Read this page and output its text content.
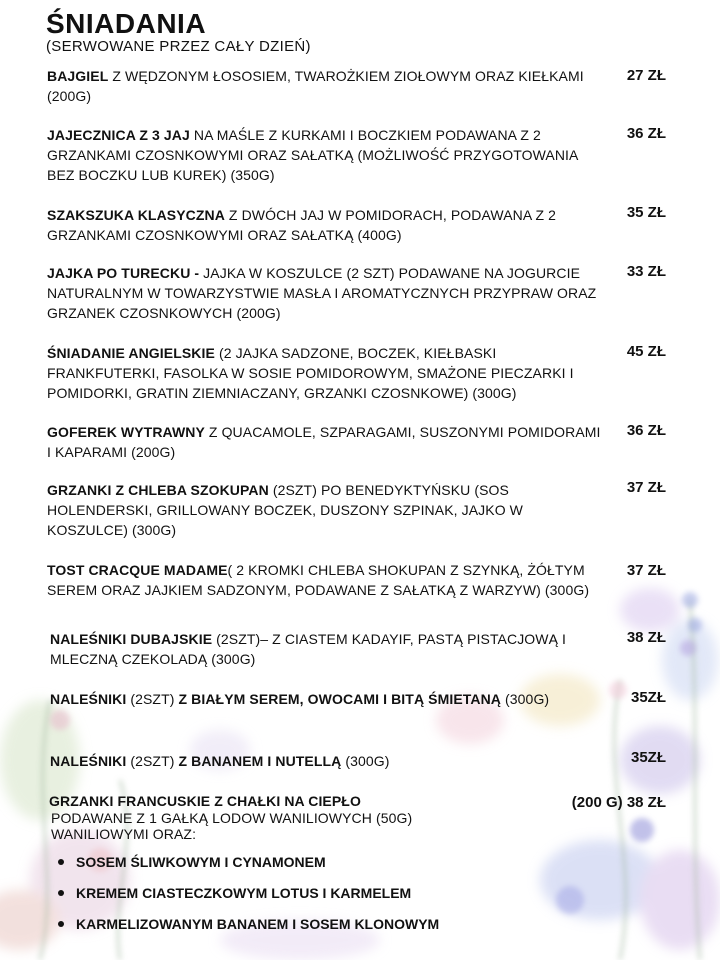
ŚNIADANIA
(SERWOWANE PRZEZ CAŁY DZIEŃ)
BAJGIEL Z WĘDZONYM ŁOSOSIEM, TWAROŻKIEM ZIOŁOWYM ORAZ KIEŁKAMI (200G)
27 ZŁ
JAJECZNICA Z 3 JAJ NA MAŚLE Z KURKAMI I BOCZKIEM PODAWANA Z 2 GRZANKAMI CZOSNKOWYMI ORAZ SAŁATKĄ (MOŻLIWOŚĆ PRZYGOTOWANIA BEZ BOCZKU LUB KUREK) (350G)
36 ZŁ
SZAKSZUKA KLASYCZNA Z DWÓCH JAJ W POMIDORACH, PODAWANA Z 2 GRZANKAMI CZOSNKOWYMI ORAZ SAŁATKĄ (400G)
35 ZŁ
JAJKA PO TURECKU - JAJKA W KOSZULCE (2 SZT) PODAWANE NA JOGURCIE NATURALNYM W TOWARZYSTWIE MASŁA I AROMATYCZNYCH PRZYPRAW ORAZ GRZANEK CZOSNKOWYCH (200G)
33 ZŁ
ŚNIADANIE ANGIELSKIE (2 JAJKA SADZONE, BOCZEK, KIEŁBASKI FRANKFUTERKI, FASOLKA W SOSIE POMIDOROWYM, SMAŻONE PIECZARKI I POMIDORKI, GRATIN ZIEMNIACZANY, GRZANKI CZOSNKOWE) (300G)
45 ZŁ
GOFEREK WYTRAWNY Z QUACAMOLE, SZPARAGAMI, SUSZONYMI POMIDORAMI I KAPARAMI (200G)
36 ZŁ
GRZANKI Z CHLEBA SZOKUPAN (2SZT) PO BENEDYKTYŃSKU (SOS HOLENDERSKI, GRILLOWANY BOCZEK, DUSZONY SZPINAK, JAJKO W KOSZULCE) (300G)
37 ZŁ
TOST CRACQUE MADAME( 2 KROMKI CHLEBA SHOKUPAN Z SZYNKĄ, ŻÓŁTYM SEREM ORAZ JAJKIEM SADZONYM, PODAWANE Z SAŁATKĄ Z WARZYW) (300G)
37 ZŁ
NALEŚNIKI DUBAJSKIE (2SZT)– Z CIASTEM KADAYIF, PASTĄ PISTACJOWĄ I MLECZNĄ CZEKOLADĄ (300G)
38 ZŁ
NALEŚNIKI (2SZT) Z BIAŁYM SEREM, OWOCAMI I BITĄ ŚMIETANĄ (300G)	35ZŁ
NALEŚNIKI (2SZT) Z BANANEM I NUTELLĄ (300G)	35ZŁ
GRZANKI FRANCUSKIE Z CHAŁKI NA CIEPŁO
PODAWANE Z 1 GAŁKĄ LODOW WANILIOWYCH (50G) WANILIOWYMI ORAZ:
(200 G) 38 ZŁ
SOSEM ŚLIWKOWYM I CYNAMONEM
KREMEM CIASTECZKOWYM LOTUS I KARMELEM
KARMELIZOWANYM BANANEM I SOSEM KLONOWYM
